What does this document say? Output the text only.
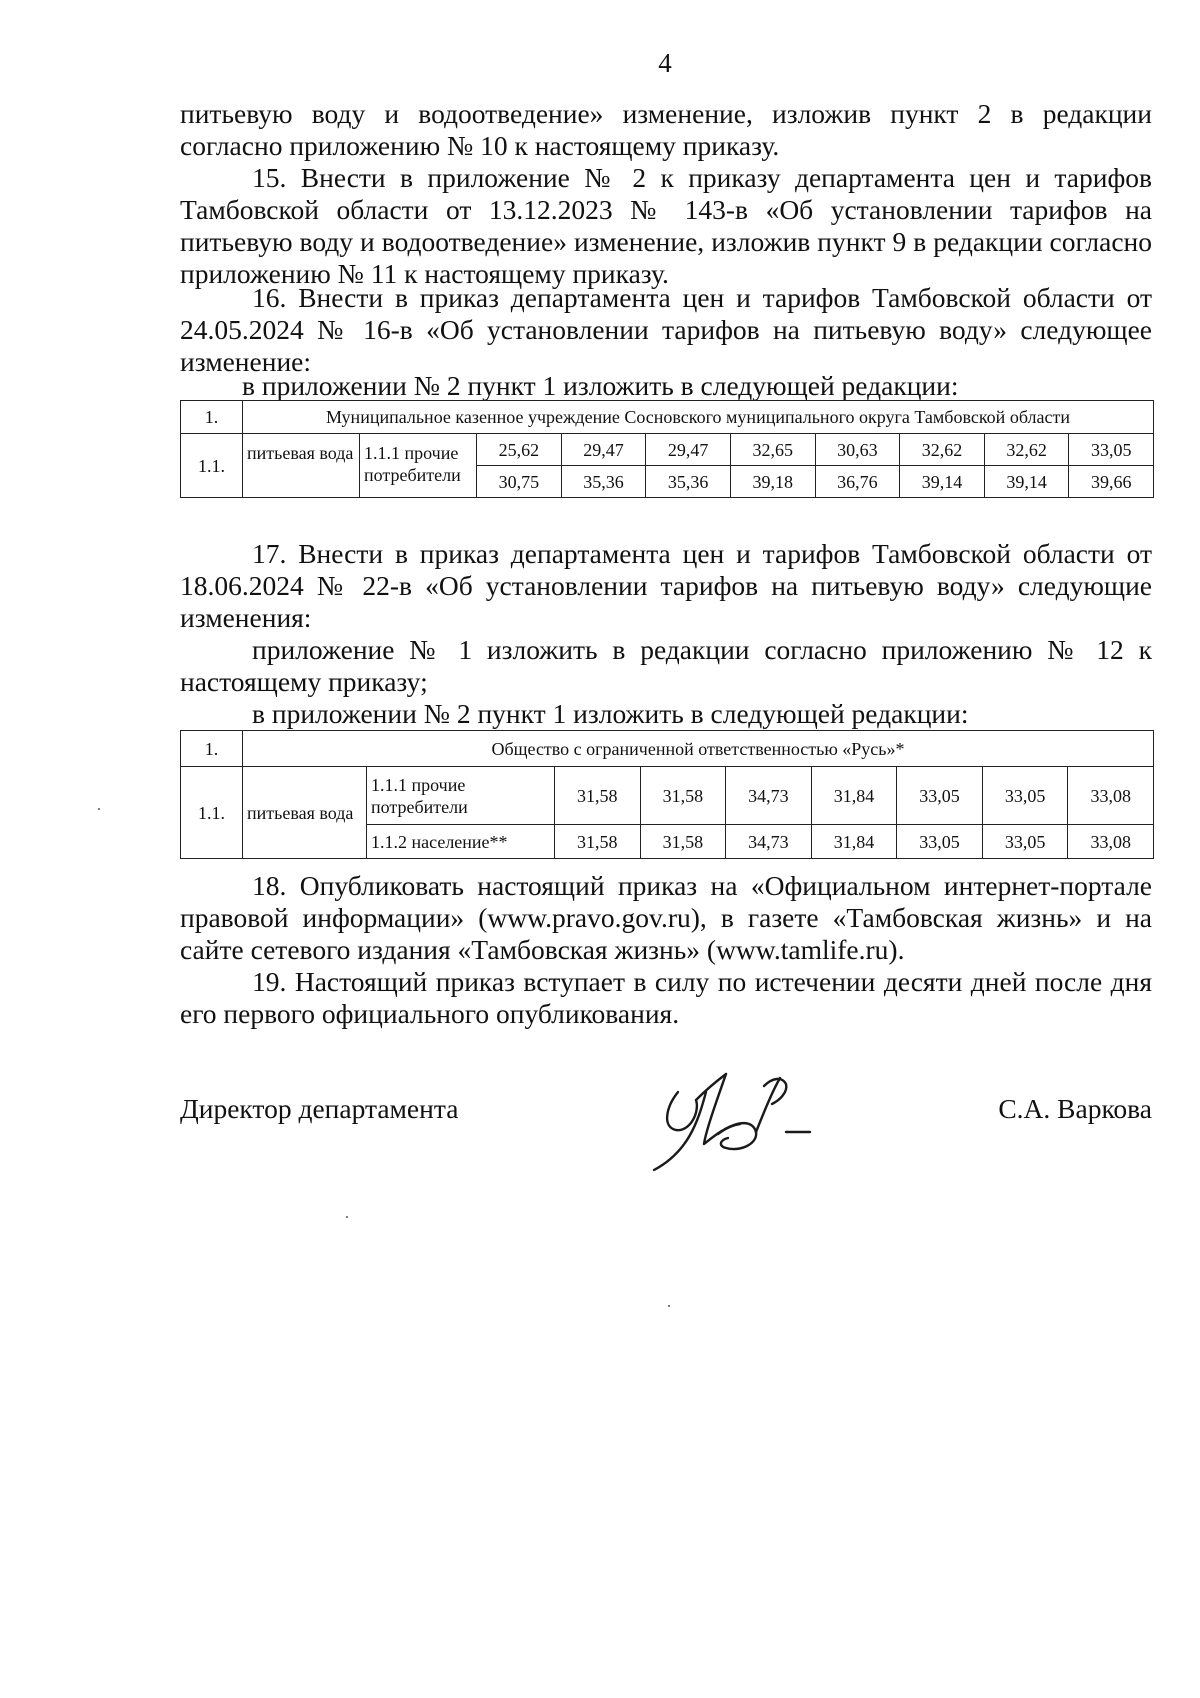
4

питьевую воду и водоотведение» изменение, изложив пункт 2 в редакции

согласно приложению № 10 к настоящему приказу.

15. Внести в приложение № 2 к приказу департамента цен и тарифов Тамбовской области от 13.12.2023 № 143-в «Об установлении тарифов на питьевую воду и водоотведение» изменение, изложив пункт 9 в редакции согласно приложению № 11 к настоящему приказу.

16. Внести в приказ департамента цен и тарифов Тамбовской области от 24.05.2024 № 16-в «Об установлении тарифов на питьевую воду» следующее изменение:

в приложении № 2 пункт 1 изложить в следующей редакции:

1.	Муниципальное казенное учреждение Сосновского муниципального округа Тамбовской области									
1.1.	питьевая вода	1.1.1 прочие потребители	25,62	29,47	29,47	32,65	30,63	32,62	32,62	33,05
			30,75	35,36	35,36	39,18	36,76	39,14	39,14	39,66

17. Внести в приказ департамента цен и тарифов Тамбовской области от 18.06.2024 № 22-в «Об установлении тарифов на питьевую воду» следующие изменения:

приложение № 1 изложить в редакции согласно приложению № 12 к настоящему приказу;

в приложении № 2 пункт 1 изложить в следующей редакции:

1.	Общество с ограниченной ответственностью «Русь»*								
1.1.	питьевая вода	1.1.1 прочие потребители	31,58	31,58	34,73	31,84	33,05	33,05	33,08
		1.1.2 население**	31,58	31,58	34,73	31,84	33,05	33,05	33,08

18. Опубликовать настоящий приказ на «Официальном интернет-портале правовой информации» (www.pravo.gov.ru), в газете «Тамбовская жизнь» и на сайте сетевого издания «Тамбовская жизнь» (www.tamlife.ru).

19. Настоящий приказ вступает в силу по истечении десяти дней после дня его первого официального опубликования.

Директор департамента	С.А. Варкова
